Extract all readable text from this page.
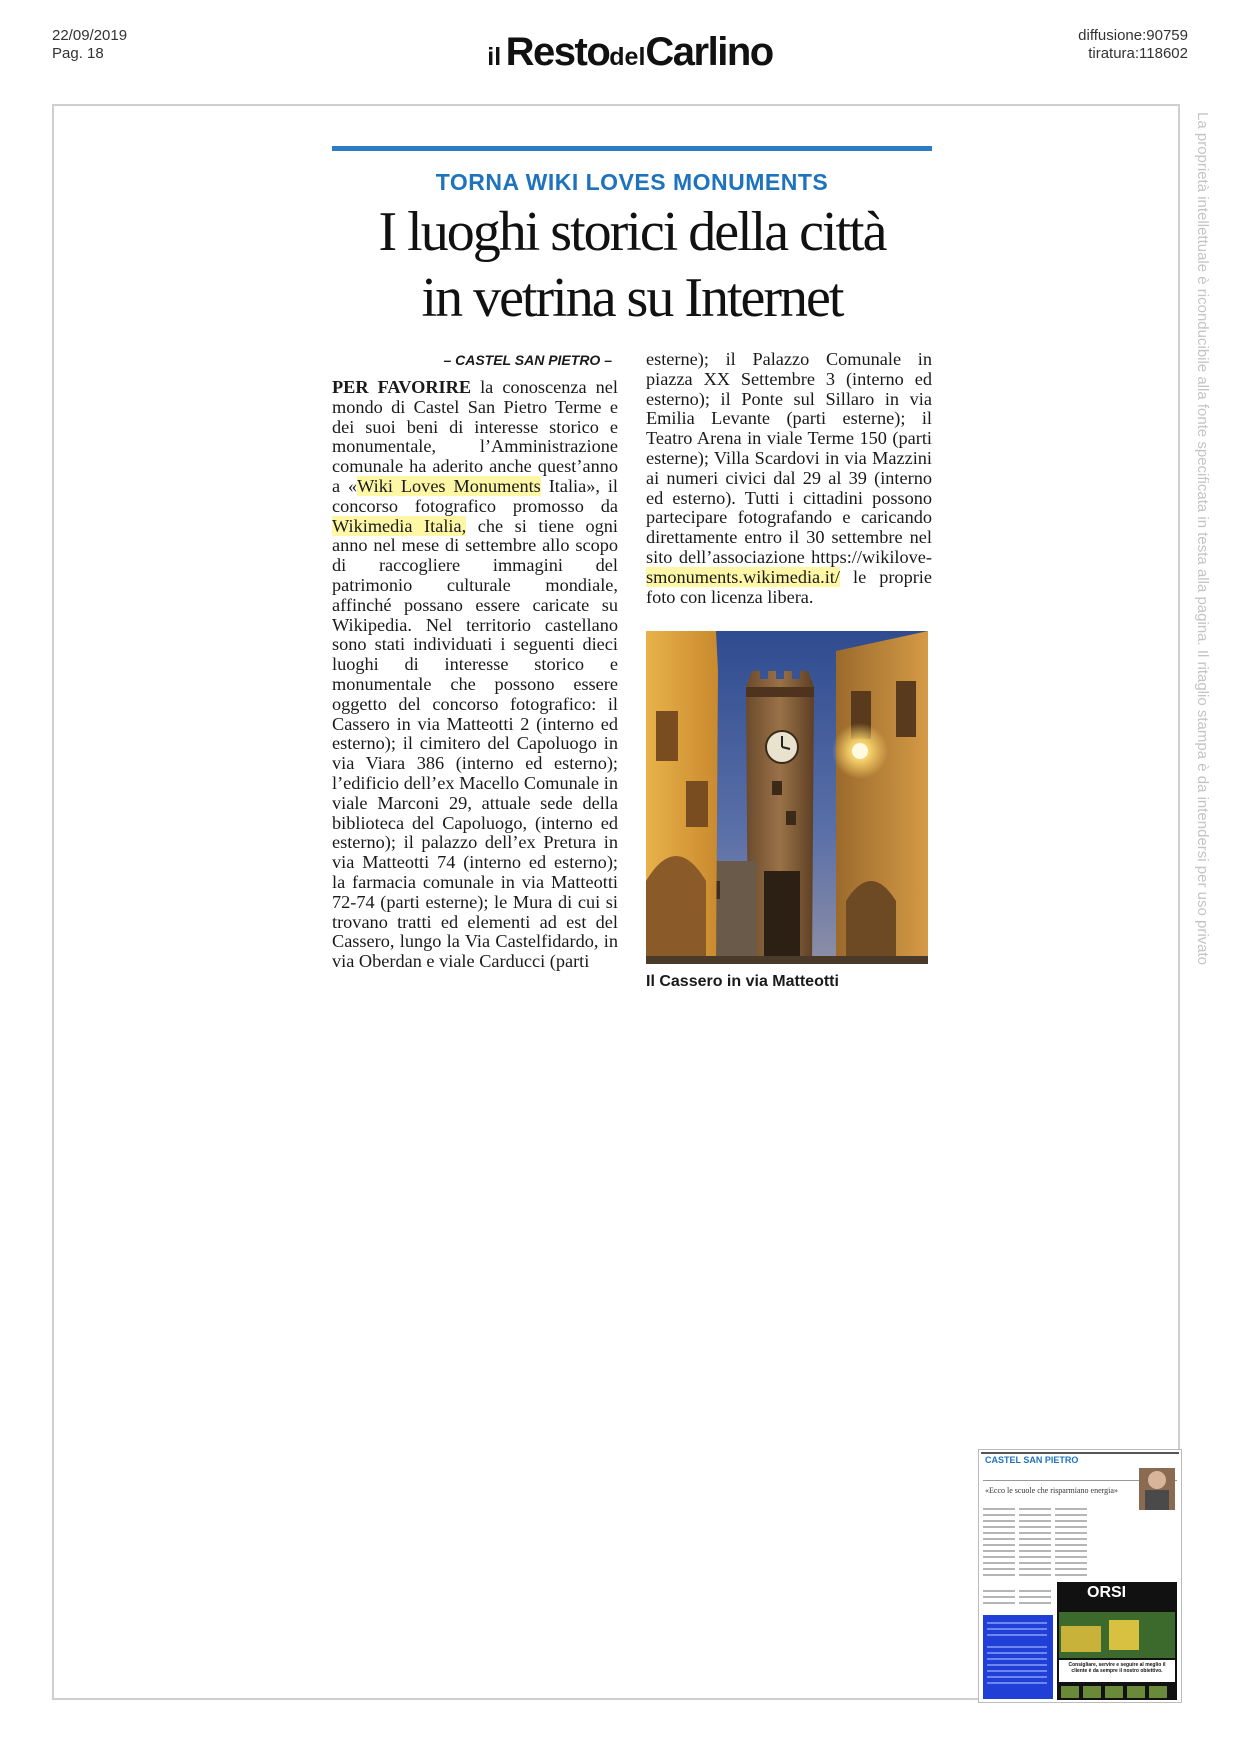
22/09/2019
Pag. 18	il RestodelCarlino	diffusione:90759
tiratura:118602
La proprietà intellettuale è riconducibile alla fonte specificata in testa alla pagina. Il ritaglio stampa è da intendersi per uso privato
TORNA WIKI LOVES MONUMENTS
I luoghi storici della città
in vetrina su Internet
– CASTEL SAN PIETRO –
PER FAVORIRE la conoscenza nel mondo di Castel San Pietro Terme e dei suoi beni di interesse storico e monumentale, l’Amministrazione comunale ha aderito anche quest’anno a «Wiki Loves Monuments Italia», il concorso fotografico promosso da Wikimedia Italia, che si tiene ogni anno nel mese di settembre allo scopo di raccogliere immagini del patrimonio culturale mondiale, affinché possano essere caricate su Wikipedia. Nel territorio castellano sono stati individuati i seguenti dieci luoghi di interesse storico e monumentale che possono essere oggetto del concorso fotografico: il Cassero in via Matteotti 2 (interno ed esterno); il cimitero del Capoluogo in via Viara 386 (interno ed esterno); l’edificio dell’ex Macello Comunale in viale Marconi 29, attuale sede della biblioteca del Capoluogo, (interno ed esterno); il palazzo dell’ex Pretura in via Matteotti 74 (interno ed esterno); la farmacia comunale in via Matteotti 72-74 (parti esterne); le Mura di cui si trovano tratti ed elementi ad est del Cassero, lungo la Via Castelfidardo, in via Oberdan e viale Carducci (parti
esterne); il Palazzo Comunale in piazza XX Settembre 3 (interno ed esterno); il Ponte sul Sillaro in via Emilia Levante (parti esterne); il Teatro Arena in viale Terme 150 (parti esterne); Villa Scardovi in via Mazzini ai numeri civici dal 29 al 39 (interno ed esterno). Tutti i cittadini possono partecipare fotografando e caricando direttamente entro il 30 settembre nel sito dell’associazione https://wikilove-smonuments.wikimedia.it/ le proprie foto con licenza libera.
Il Cassero in via Matteotti
CASTEL SAN PIETRO
«Ecco le scuole che risparmiano energia»
ORSI
Consigliare, servire e seguire al meglio il cliente è da sempre il nostro obiettivo.
